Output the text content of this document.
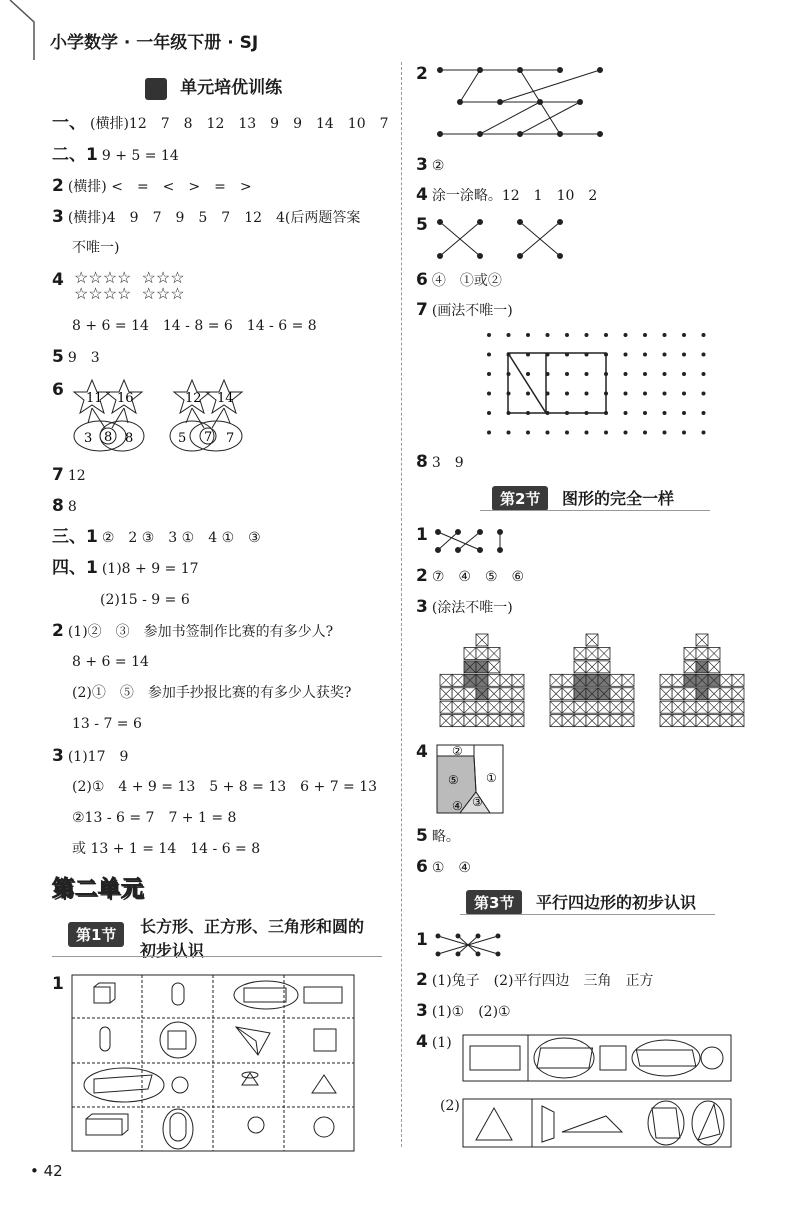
小学数学 · 一年级下册 · SJ
单元培优训练
一、 (横排)12　7　8　12　13　9　9　14　10　7
二、1 9 + 5 = 14
2 (横排) <　=　<　>　=　>
3 (横排)4　9　7　9　5　7　12　4(后两题答案
不唯一)
4 ☆☆☆☆ ☆☆☆
☆☆☆☆ ☆☆☆
8 + 6 = 14　14 - 8 = 6　14 - 6 = 8
5 9　3
6	11 16
3 8 8
12 14
5 7 7
7 12
8 8
三、1 ②　2 ③　3 ①　4 ①　③
四、1 (1)8 + 9 = 17
(2)15 - 9 = 6
2 (1)②　③　参加书签制作比赛的有多少人?
8 + 6 = 14
(2)①　⑤　参加手抄报比赛的有多少人获奖?
13 - 7 = 6
3 (1)17　9
(2)①　4 + 9 = 13　5 + 8 = 13　6 + 7 = 13
②13 - 6 = 7　7 + 1 = 8
或 13 + 1 = 14　14 - 6 = 8
第二单元
第1节	长方形、正方形、三角形和圆的
初步认识
1
• 42
2
3 ②
4 涂一涂略。12　1　10　2
5
6 ④　①或②
7 (画法不唯一)
8 3　9
第2节	图形的完全一样
1
2 ⑦　④　⑤　⑥
3 (涂法不唯一)
4	②
⑤ ①
④ ③
5 略。
6 ①　④
第3节	平行四边形的初步认识
1
2 (1)兔子　(2)平行四边　三角　正方
3 (1)①　(2)①
4 (1)
(2)
